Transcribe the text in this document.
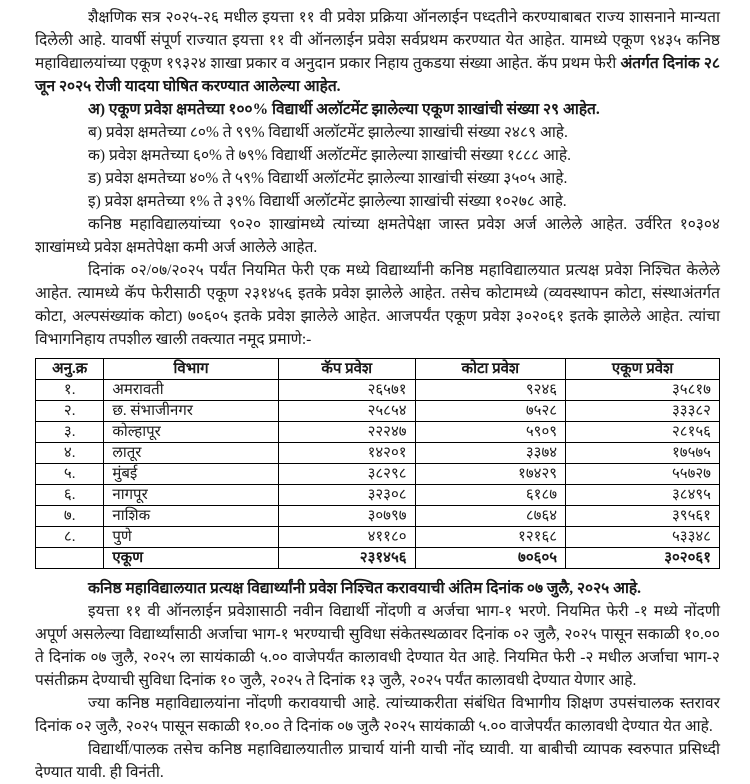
शैक्षणिक सत्र २०२५-२६ मधील इयत्ता ११ वी प्रवेश प्रक्रिया ऑनलाईन पध्दतीने करण्याबाबत राज्य शासनाने मान्यता दिलेली आहे. यावर्षी संपूर्ण राज्यात इयत्ता ११ वी ऑनलाईन प्रवेश सर्वप्रथम करण्यात येत आहेत. यामध्ये एकूण ९४३५ कनिष्ठ महाविद्यालयांच्या एकूण १९३२४ शाखा प्रकार व अनुदान प्रकार निहाय तुकडया संख्या आहेत. कॅप प्रथम फेरी अंतर्गत दिनांक २८ जून २०२५ रोजी यादया घोषित करण्यात आलेल्या आहेत.

अ) एकूण प्रवेश क्षमतेच्या १००% विद्यार्थी अलॉटमेंट झालेल्या एकूण शाखांची संख्या २९ आहेत.
ब) प्रवेश क्षमतेच्या ८०% ते ९९% विद्यार्थी अलॉटमेंट झालेल्या शाखांची संख्या २४८९ आहे.
क) प्रवेश क्षमतेच्या ६०% ते ७९% विद्यार्थी अलॉटमेंट झालेल्या शाखांची संख्या १८८८ आहे.
ड) प्रवेश क्षमतेच्या ४०% ते ५९% विद्यार्थी अलॉटमेंट झालेल्या शाखांची संख्या ३५०५ आहे.
इ) प्रवेश क्षमतेच्या १% ते ३९% विद्यार्थी अलॉटमेंट झालेल्या शाखांची संख्या १०२७८ आहे.

कनिष्ठ महाविद्यालयांच्या ९०२० शाखांमध्ये त्यांच्या क्षमतेपेक्षा जास्त प्रवेश अर्ज आलेले आहेत. उर्वरित १०३०४ शाखांमध्ये प्रवेश क्षमतेपेक्षा कमी अर्ज आलेले आहेत.

दिनांक ०२/०७/२०२५ पर्यंत नियमित फेरी एक मध्ये विद्यार्थ्यांनी कनिष्ठ महाविद्यालयात प्रत्यक्ष प्रवेश निश्चित केलेले आहेत. त्यामध्ये कॅप फेरीसाठी एकूण २३१४५६ इतके प्रवेश झालेले आहेत. तसेच कोटामध्ये (व्यवस्थापन कोटा, संस्थाअंतर्गत कोटा, अल्पसंख्यांक कोटा) ७०६०५ इतके प्रवेश झालेले आहेत. आजपर्यंत एकूण प्रवेश ३०२०६१ इतके झालेले आहेत. त्यांचा विभागनिहाय तपशील खाली तक्त्यात नमूद प्रमाणे:-

अनु.क्र	विभाग	कॅप प्रवेश	कोटा प्रवेश	एकूण प्रवेश
१.	अमरावती	२६५७१	९२४६	३५८१७
२.	छ. संभाजीनगर	२५८५४	७५२८	३३३८२
३.	कोल्हापूर	२२२४७	५९०९	२८१५६
४.	लातूर	१४२०१	३३७४	१७५७५
५.	मुंबई	३८२९८	१७४२९	५५७२७
६.	नागपूर	३२३०८	६१८७	३८४९५
७.	नाशिक	३०७९७	८७६४	३९५६१
८.	पुणे	४११८०	१२१६८	५३३४८
	एकूण	२३१४५६	७०६०५	३०२०६१

कनिष्ठ महाविद्यालयात प्रत्यक्ष विद्यार्थ्यांनी प्रवेश निश्चित करावयाची अंतिम दिनांक ०७ जुलै, २०२५ आहे.

इयत्ता ११ वी ऑनलाईन प्रवेशासाठी नवीन विद्यार्थी नोंदणी व अर्जचा भाग-१ भरणे. नियमित फेरी -१ मध्ये नोंदणी अपूर्ण असलेल्या विद्यार्थ्यांसाठी अर्जाचा भाग-१ भरण्याची सुविधा संकेतस्थळावर दिनांक ०२ जुलै, २०२५ पासून सकाळी १०.०० ते दिनांक ०७ जुलै, २०२५ ला सायंकाळी ५.०० वाजेपर्यंत कालावधी देण्यात येत आहे. नियमित फेरी -२ मधील अर्जाचा भाग-२ पसंतीक्रम देण्याची सुविधा दिनांक १० जुलै, २०२५ ते दिनांक १३ जुलै, २०२५ पर्यंत कालावधी देण्यात येणार आहे.

ज्या कनिष्ठ महाविद्यालयांना नोंदणी करावयाची आहे. त्यांच्याकरीता संबंधित विभागीय शिक्षण उपसंचालक स्तरावर दिनांक ०२ जुलै, २०२५ पासून सकाळी १०.०० ते दिनांक ०७ जुलै २०२५ सायंकाळी ५.०० वाजेपर्यंत कालावधी देण्यात येत आहे.

विद्यार्थी/पालक तसेच कनिष्ठ महाविद्यालयातील प्राचार्य यांनी याची नोंद घ्यावी. या बाबीची व्यापक स्वरुपात प्रसिध्दी देण्यात यावी. ही विनंती.
